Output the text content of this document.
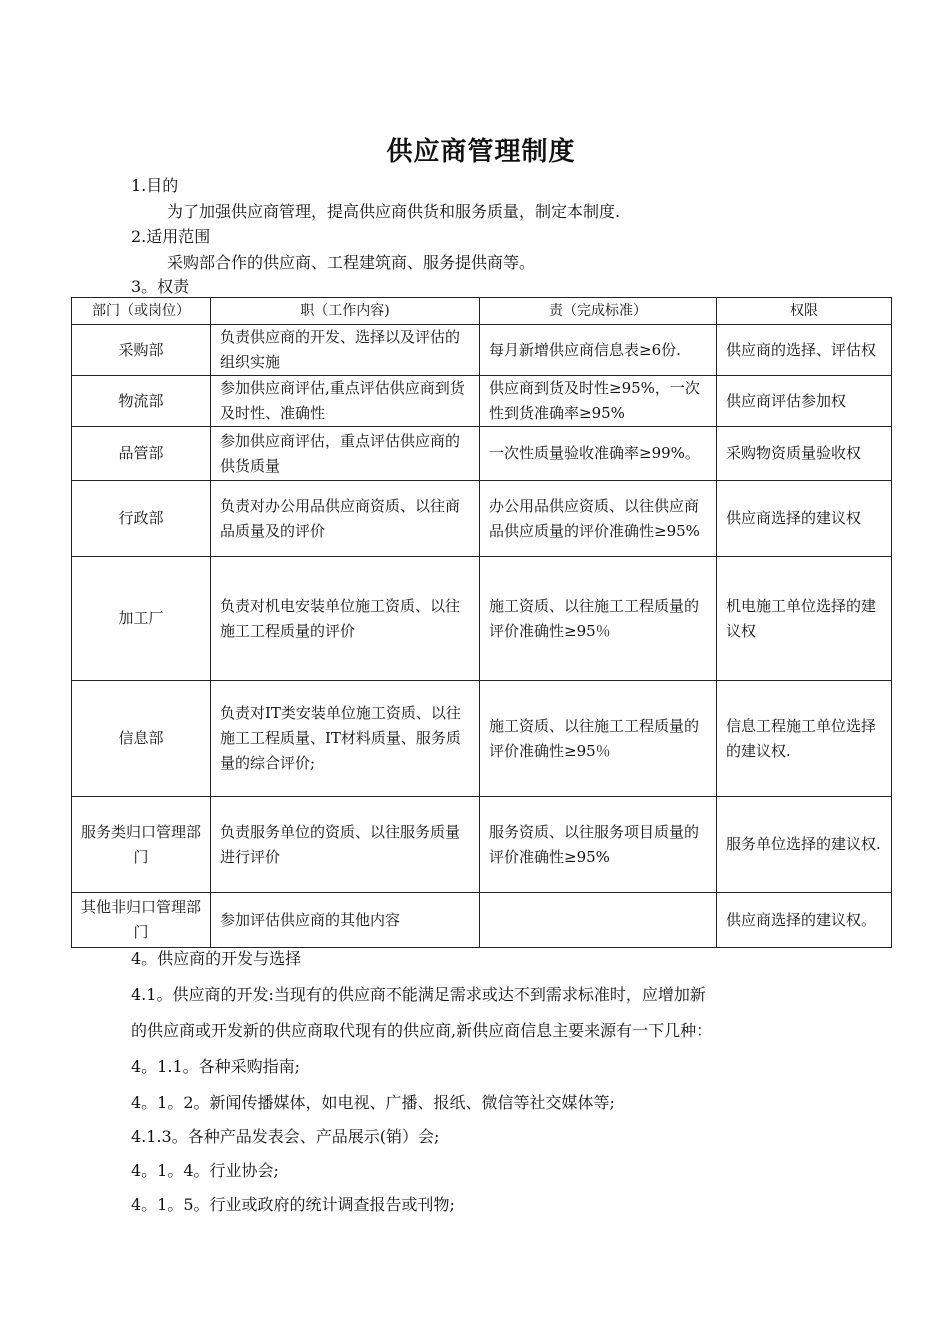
供应商管理制度
1.目的
为了加强供应商管理，提高供应商供货和服务质量，制定本制度.
2.适用范围
采购部合作的供应商、工程建筑商、服务提供商等。
3。权责
部门（或岗位）	职（工作内容)	责（完成标准）	权限
采购部	负责供应商的开发、选择以及评估的组织实施	每月新增供应商信息表≥6份.	供应商的选择、评估权
物流部	参加供应商评估,重点评估供应商到货及时性、准确性	供应商到货及时性≥95%，一次性到货准确率≥95%	供应商评估参加权
品管部	参加供应商评估，重点评估供应商的供货质量	一次性质量验收准确率≥99%。	采购物资质量验收权
行政部	负责对办公用品供应商资质、以往商品质量及的评价	办公用品供应资质、以往供应商品供应质量的评价准确性≥95%	供应商选择的建议权
加工厂	负责对机电安装单位施工资质、以往施工工程质量的评价	施工资质、以往施工工程质量的评价准确性≥95％	机电施工单位选择的建议权
信息部	负责对IT类安装单位施工资质、以往施工工程质量、IT材料质量、服务质量的综合评价;	施工资质、以往施工工程质量的评价准确性≥95％	信息工程施工单位选择的建议权.
服务类归口管理部门	负责服务单位的资质、以往服务质量进行评价	服务资质、以往服务项目质量的评价准确性≥95%	服务单位选择的建议权.
其他非归口管理部门	参加评估供应商的其他内容		供应商选择的建议权。
4。供应商的开发与选择
4.1。供应商的开发:当现有的供应商不能满足需求或达不到需求标准时，应增加新
的供应商或开发新的供应商取代现有的供应商,新供应商信息主要来源有一下几种：
4。1.1。各种采购指南;
4。1。2。新闻传播媒体，如电视、广播、报纸、微信等社交媒体等;
4.1.3。各种产品发表会、产品展示(销）会;
4。1。4。行业协会;
4。1。5。行业或政府的统计调查报告或刊物;
